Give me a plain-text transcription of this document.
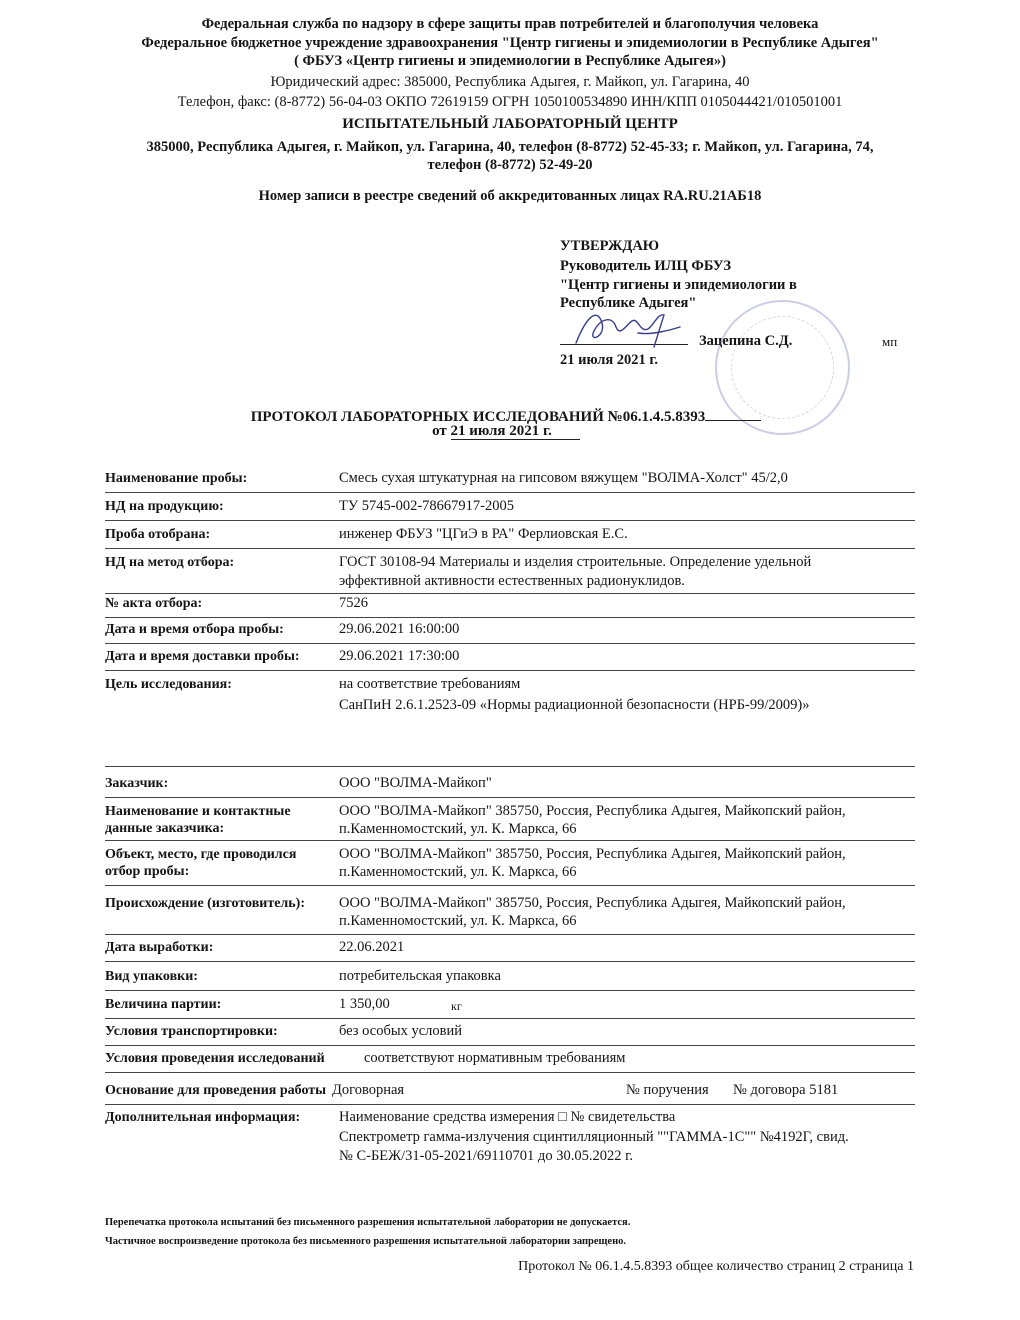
Федеральная служба по надзору в сфере защиты прав потребителей и благополучия человека
Федеральное бюджетное учреждение здравоохранения "Центр гигиены и эпидемиологии в Республике Адыгея"
( ФБУЗ «Центр гигиены и эпидемиологии в Республике Адыгея»)
Юридический адрес: 385000, Республика Адыгея, г. Майкоп, ул. Гагарина, 40
Телефон, факс: (8-8772) 56-04-03 ОКПО 72619159 ОГРН 1050100534890 ИНН/КПП 0105044421/010501001
ИСПЫТАТЕЛЬНЫЙ ЛАБОРАТОРНЫЙ ЦЕНТР
385000, Республика Адыгея, г. Майкоп, ул. Гагарина, 40, телефон (8-8772) 52-45-33; г. Майкоп, ул. Гагарина, 74,
телефон (8-8772) 52-49-20
Номер записи в реестре сведений об аккредитованных лицах RA.RU.21АБ18
УТВЕРЖДАЮ
Руководитель ИЛЦ ФБУЗ
"Центр гигиены и эпидемиологии в
Республике Адыгея"
Зацепина С.Д.	мп
21 июля 2021 г.
ПРОТОКОЛ ЛАБОРАТОРНЫХ ИССЛЕДОВАНИЙ №06.1.4.5.8393
от 21 июля 2021 г.
Наименование пробы:	Смесь сухая штукатурная на гипсовом вяжущем "ВОЛМА-Холст" 45/2,0
НД на продукцию:	ТУ 5745-002-78667917-2005
Проба отобрана:	инженер ФБУЗ "ЦГиЭ в РА" Ферлиовская Е.С.
НД на метод отбора:	ГОСТ 30108-94 Материалы и изделия строительные. Определение удельной
эффективной активности естественных радионуклидов.
№ акта отбора:	7526
Дата и время отбора пробы:	29.06.2021 16:00:00
Дата и время доставки пробы:	29.06.2021 17:30:00
Цель исследования:	на соответствие требованиям
СанПиН 2.6.1.2523-09 «Нормы радиационной безопасности (НРБ-99/2009)»
Заказчик:	ООО "ВОЛМА-Майкоп"
Наименование и контактные
данные заказчика:
ООО "ВОЛМА-Майкоп" 385750, Россия, Республика Адыгея, Майкопский район,
п.Каменномостский, ул. К. Маркса, 66
Объект, место, где проводился
отбор пробы:
ООО "ВОЛМА-Майкоп" 385750, Россия, Республика Адыгея, Майкопский район,
п.Каменномостский, ул. К. Маркса, 66
Происхождение (изготовитель): ООО "ВОЛМА-Майкоп" 385750, Россия, Республика Адыгея, Майкопский район,
п.Каменномостский, ул. К. Маркса, 66
Дата выработки:	22.06.2021
Вид упаковки:	потребительская упаковка
Величина партии:	1 350,00	кг
Условия транспортировки:	без особых условий
Условия проведения исследований	соответствуют нормативным требованиям
Основание для проведения работы Договорная	№ поручения № договора 5181
Дополнительная информация:	Наименование средства измерения □ № свидетельства
Спектрометр гамма-излучения сцинтилляционный ""ГАММА-1С"" №4192Г, свид.
№ С-БЕЖ/31-05-2021/69110701 до 30.05.2022 г.
Перепечатка протокола испытаний без письменного разрешения испытательной лаборатории не допускается.
Частичное воспроизведение протокола без письменного разрешения испытательной лаборатории запрещено.
Протокол № 06.1.4.5.8393 общее количество страниц 2 страница 1
